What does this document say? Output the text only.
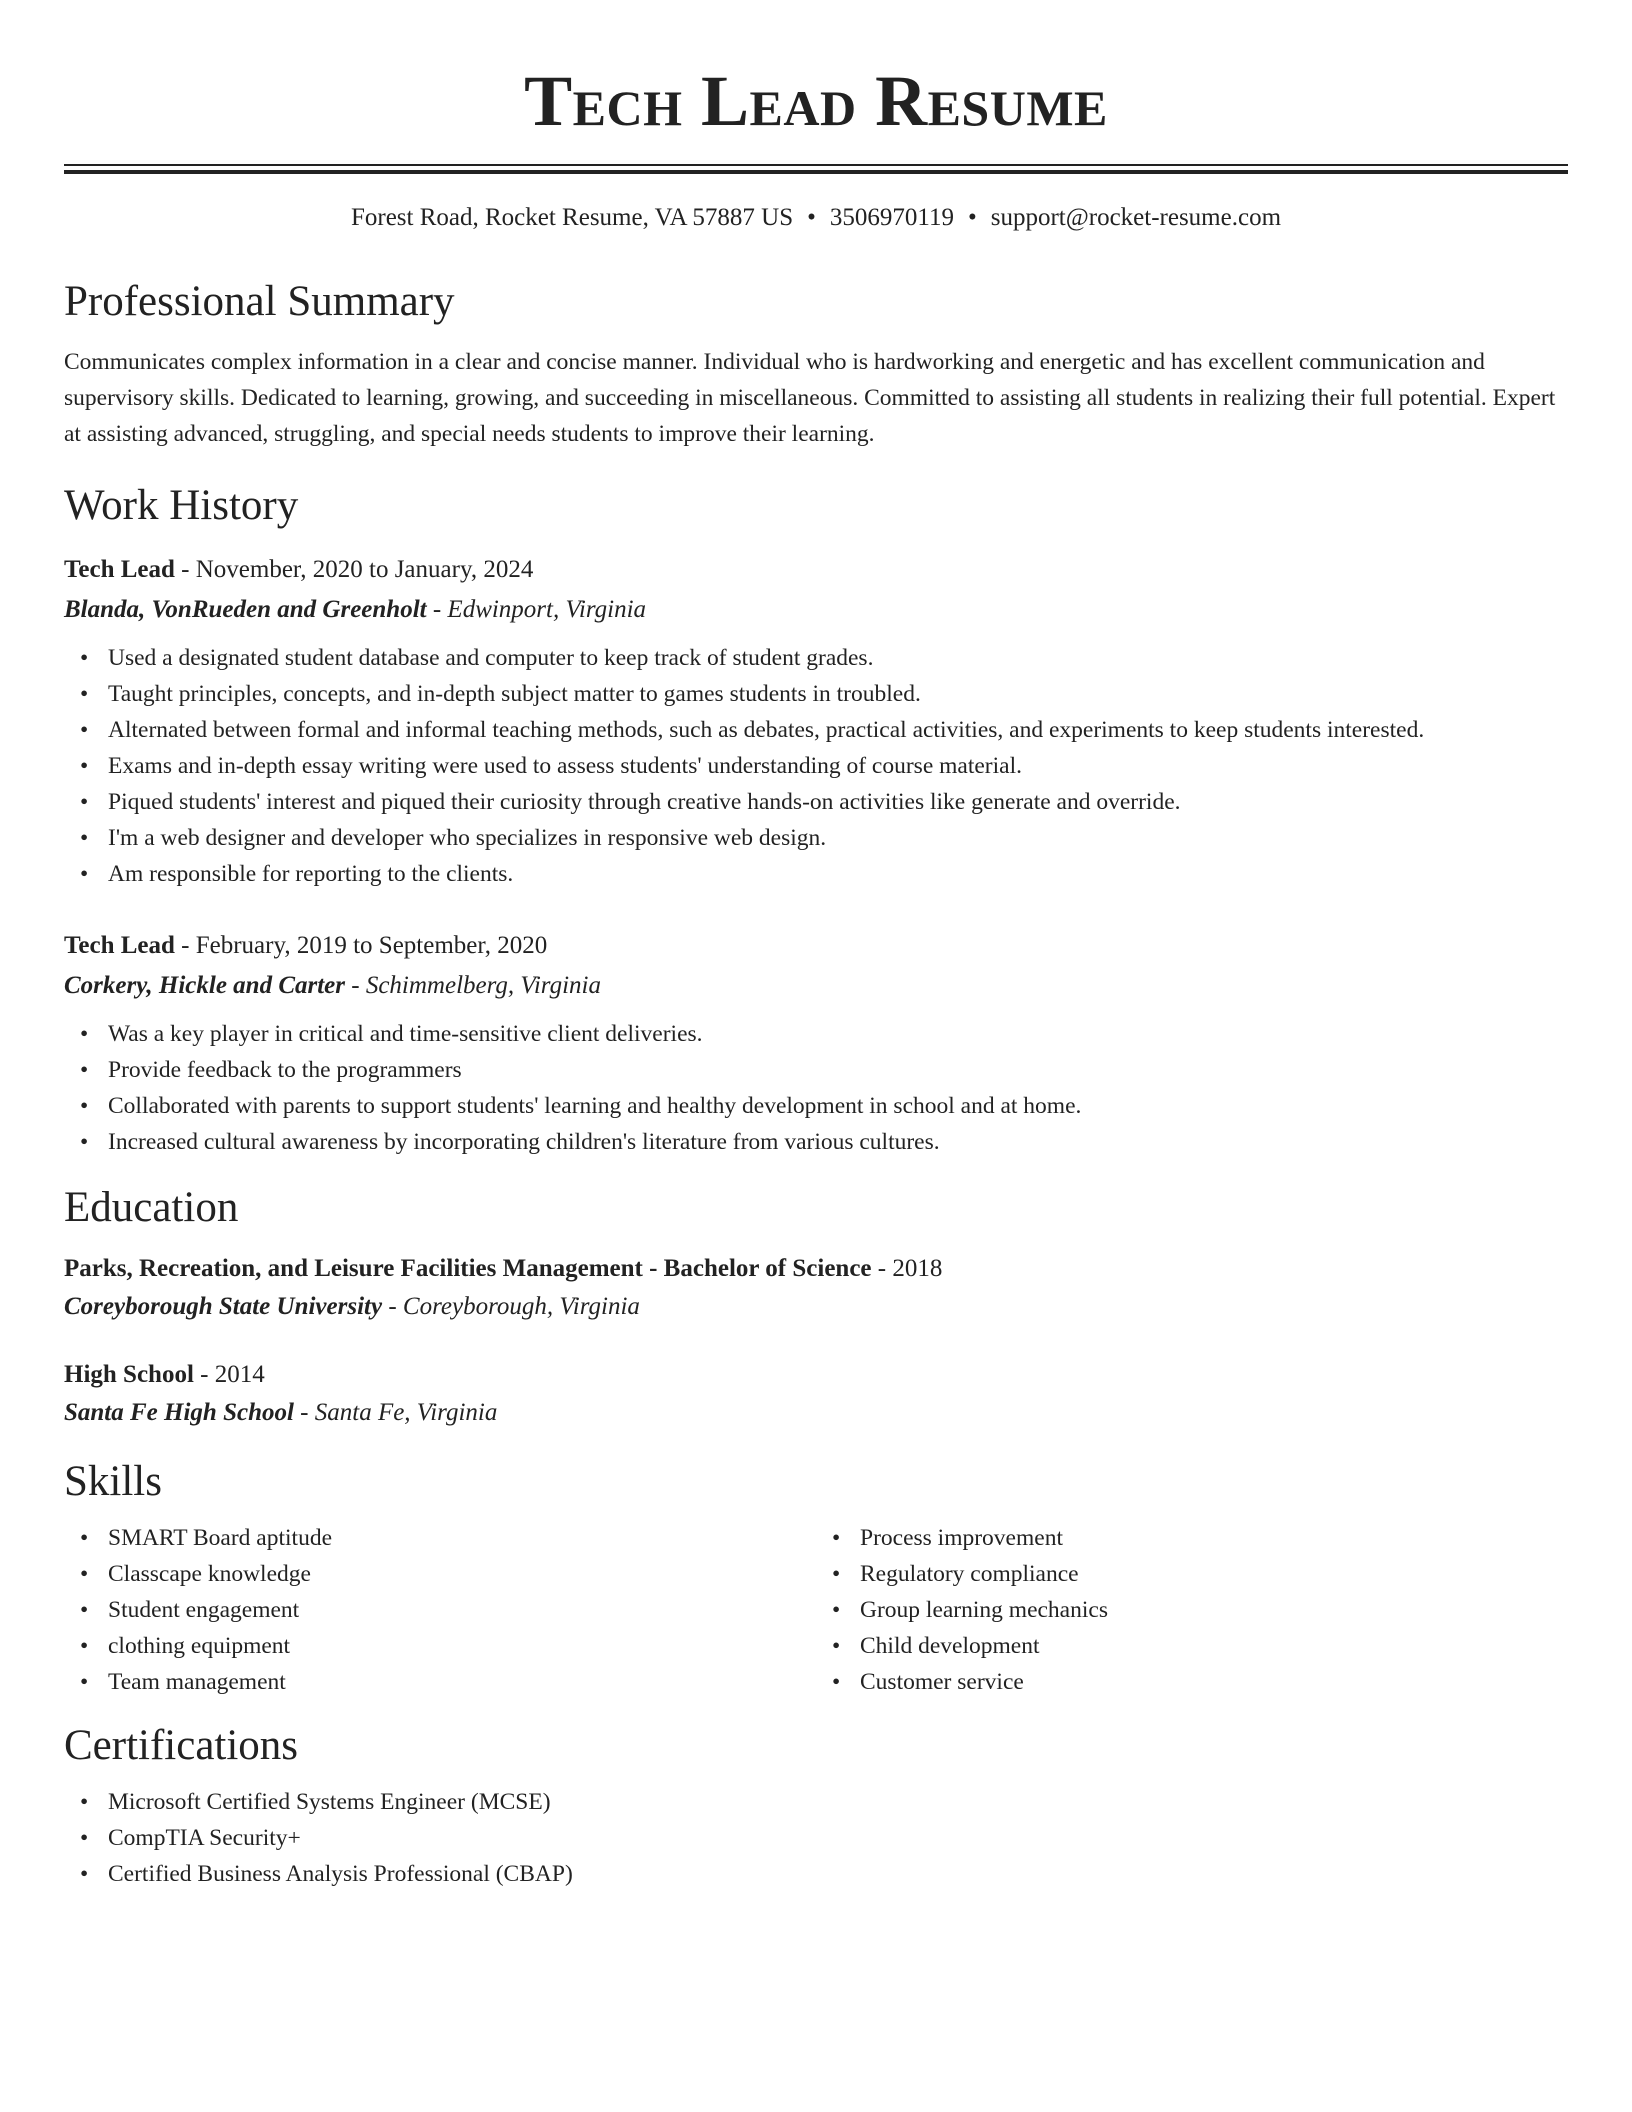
Tech Lead Resume
Forest Road, Rocket Resume, VA 57887 US • 3506970119 • support@rocket-resume.com
Professional Summary

Communicates complex information in a clear and concise manner. Individual who is hardworking and energetic and has excellent communication and supervisory skills. Dedicated to learning, growing, and succeeding in miscellaneous. Committed to assisting all students in realizing their full potential. Expert at assisting advanced, struggling, and special needs students to improve their learning.

Work History
Tech Lead - November, 2020 to January, 2024
Blanda, VonRueden and Greenholt - Edwinport, Virginia
• Used a designated student database and computer to keep track of student grades.
• Taught principles, concepts, and in-depth subject matter to games students in troubled.
• Alternated between formal and informal teaching methods, such as debates, practical activities, and experiments to keep students interested.
• Exams and in-depth essay writing were used to assess students' understanding of course material.
• Piqued students' interest and piqued their curiosity through creative hands-on activities like generate and override.
• I'm a web designer and developer who specializes in responsive web design.
• Am responsible for reporting to the clients.
Tech Lead - February, 2019 to September, 2020
Corkery, Hickle and Carter - Schimmelberg, Virginia
• Was a key player in critical and time-sensitive client deliveries.
• Provide feedback to the programmers
• Collaborated with parents to support students' learning and healthy development in school and at home.
• Increased cultural awareness by incorporating children's literature from various cultures.
Education
Parks, Recreation, and Leisure Facilities Management - Bachelor of Science - 2018
Coreyborough State University - Coreyborough, Virginia
High School - 2014
Santa Fe High School - Santa Fe, Virginia
Skills
• SMART Board aptitude
• Classcape knowledge
• Student engagement
• clothing equipment
• Team management
• Process improvement
• Regulatory compliance
• Group learning mechanics
• Child development
• Customer service
Certifications
• Microsoft Certified Systems Engineer (MCSE)
• CompTIA Security+
• Certified Business Analysis Professional (CBAP)
